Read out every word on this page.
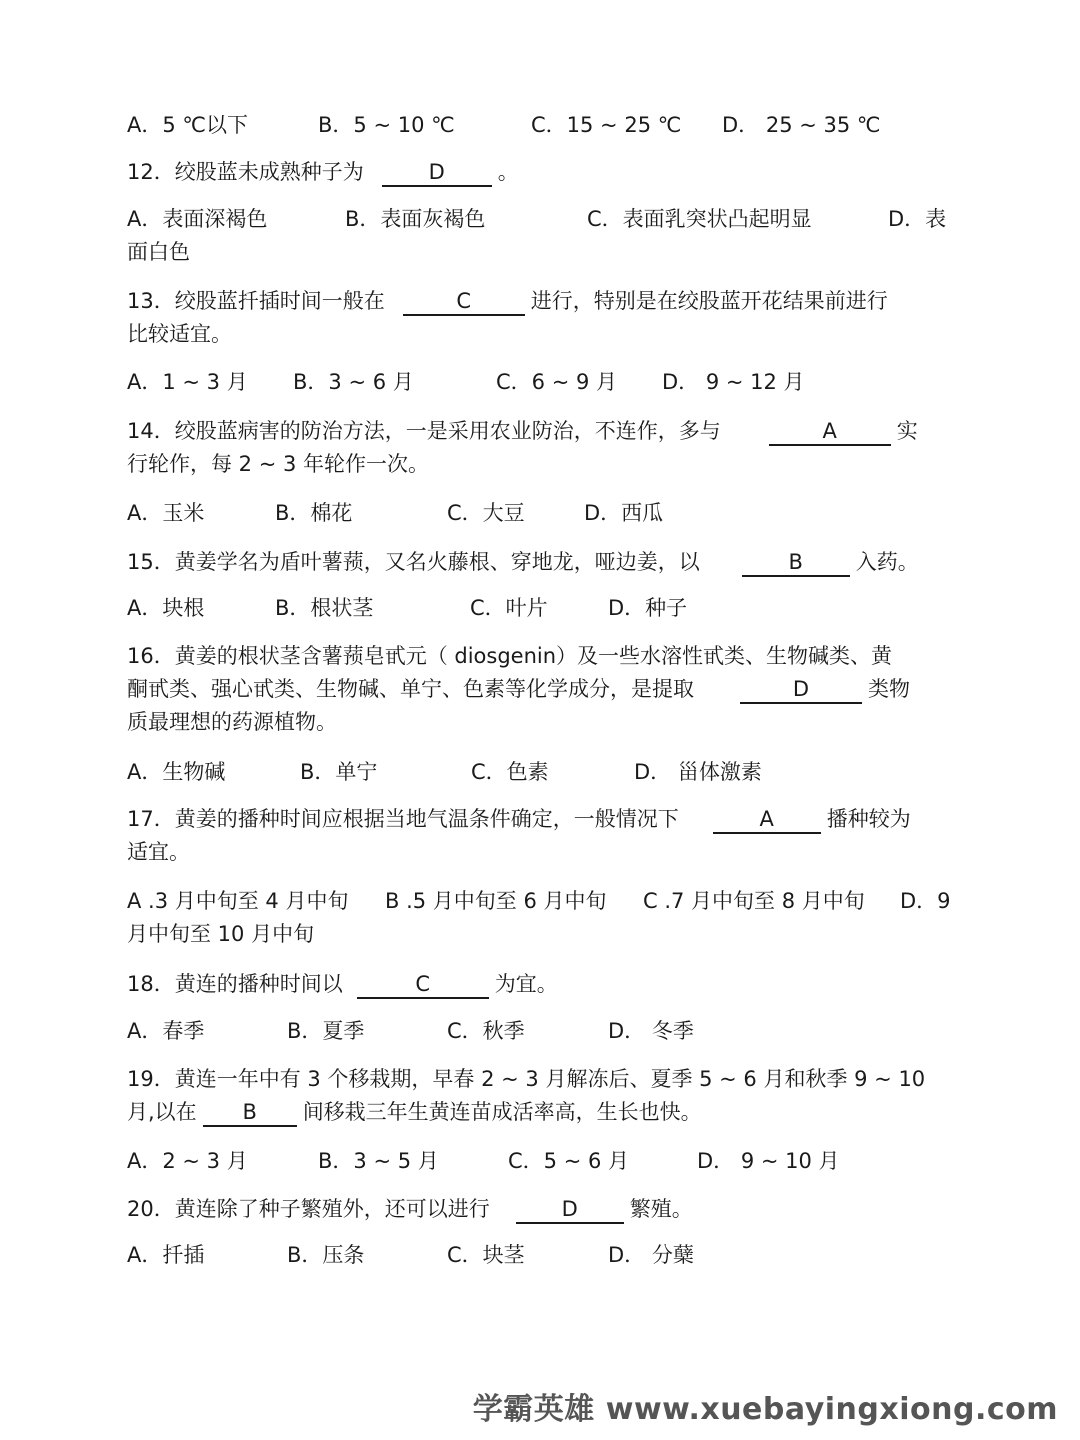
A．5 ℃以下	B．5 ~ 10 ℃	C．15 ~ 25 ℃ D． 25 ~ 35 ℃
12．绞股蓝未成熟种子为	D	。
A．表面深褐色	B．表面灰褐色	C．表面乳突状凸起明显	D．表
面白色
13．绞股蓝扦插时间一般在	C	进行，特别是在绞股蓝开花结果前进行
比较适宜。
A．1 ~ 3 月 B．3 ~ 6 月	C．6 ~ 9 月 D． 9 ~ 12 月
14．绞股蓝病害的防治方法，一是采用农业防治，不连作，多与	A	实
行轮作，每 2 ~ 3 年轮作一次。
A．玉米	B．棉花	C．大豆	D．西瓜
15．黄姜学名为盾叶薯蓣，又名火藤根、穿地龙，哑边姜，以	B	入药。
A．块根	B．根状茎	C．叶片	D．种子
16．黄姜的根状茎含薯蓣皂甙元（ diosgenin）及一些水溶性甙类、生物碱类、黄
酮甙类、强心甙类、生物碱、单宁、色素等化学成分，是提取	D	类物
质最理想的药源植物。
A．生物碱	B．单宁	C．色素	D． 甾体激素
17．黄姜的播种时间应根据当地气温条件确定，一般情况下	A	播种较为
适宜。
A .3 月中旬至 4 月中旬 B .5 月中旬至 6 月中旬 C .7 月中旬至 8 月中旬 D．9
月中旬至 10 月中旬
18．黄连的播种时间以	C	为宜。
A．春季	B．夏季	C．秋季	D． 冬季
19．黄连一年中有 3 个移栽期，早春 2 ~ 3 月解冻后、夏季 5 ~ 6 月和秋季 9 ~ 10
月,以在 B 间移栽三年生黄连苗成活率高，生长也快。
A．2 ~ 3 月	B．3 ~ 5 月	C．5 ~ 6 月	D． 9 ~ 10 月
20．黄连除了种子繁殖外，还可以进行	D 繁殖。
A．扦插	B．压条	C．块茎	D． 分蘖
学霸英雄 www.xuebayingxiong.com
